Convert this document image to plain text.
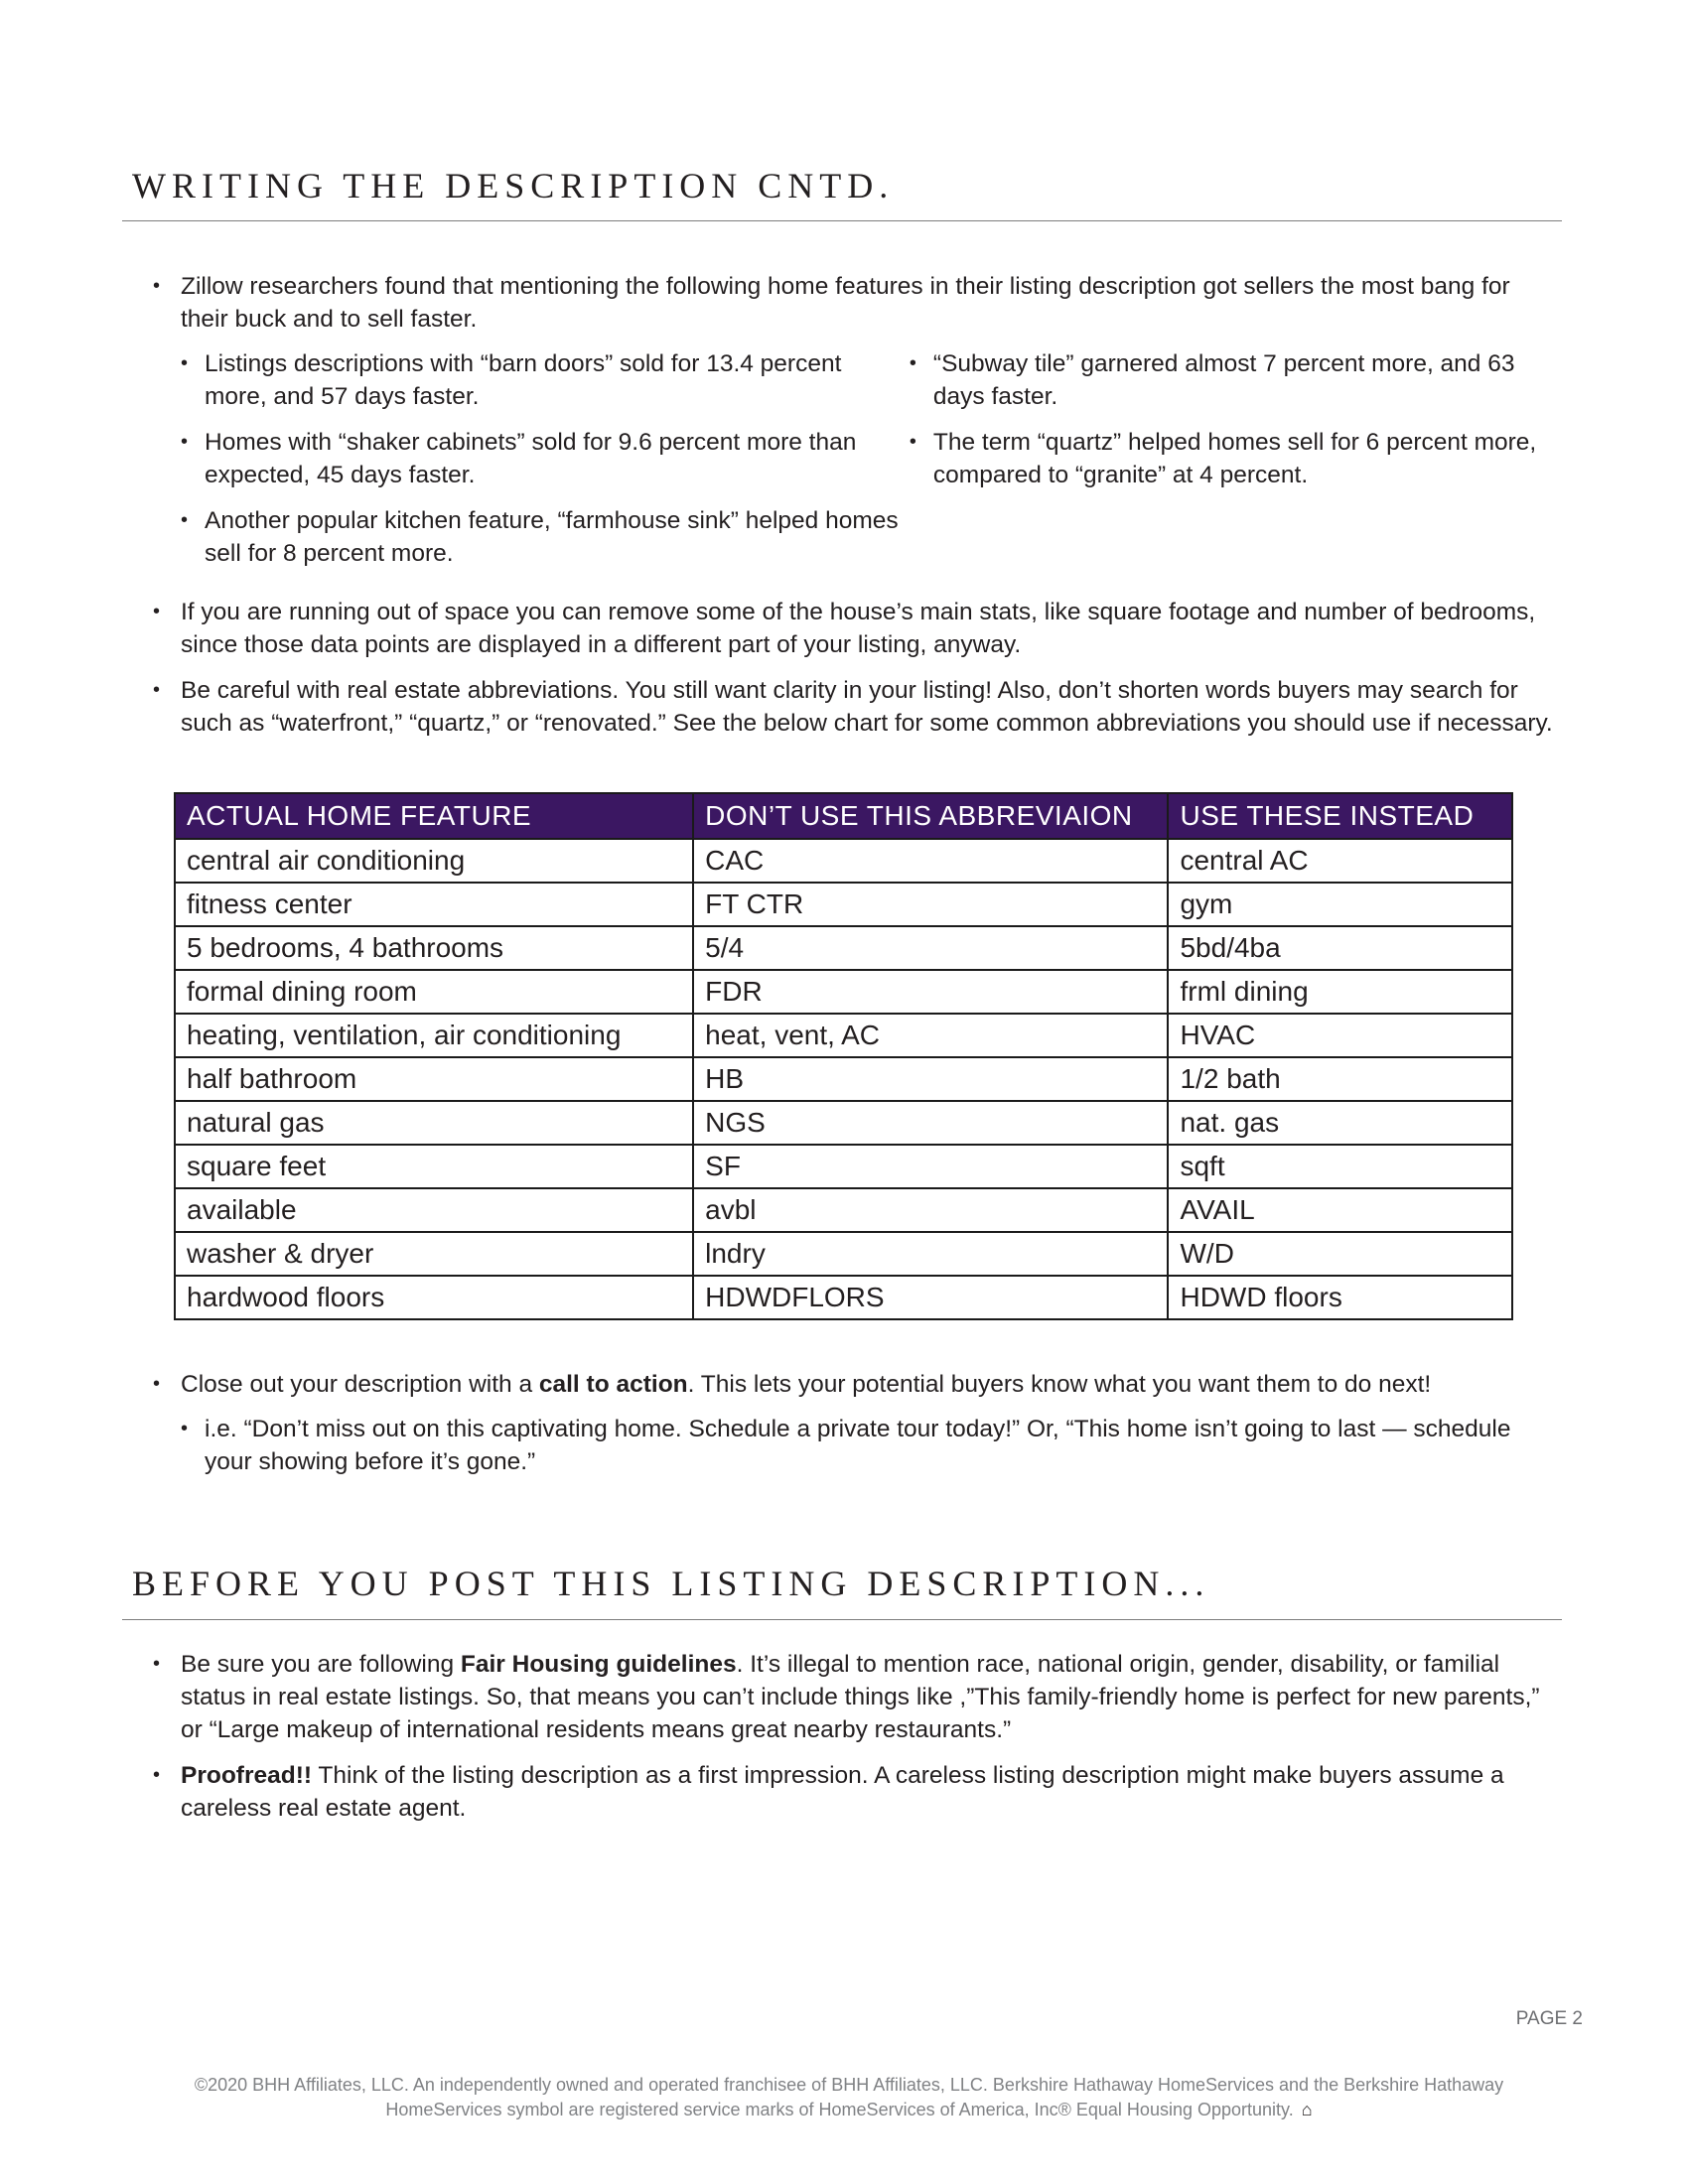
WRITING THE DESCRIPTION CNTD.
• Zillow researchers found that mentioning the following home features in their listing description got sellers the most bang for their buck and to sell faster.
• Listings descriptions with “barn doors” sold for 13.4 percent more, and 57 days faster.
• Homes with “shaker cabinets” sold for 9.6 percent more than expected, 45 days faster.
• Another popular kitchen feature, “farmhouse sink” helped homes sell for 8 percent more.
• “Subway tile” garnered almost 7 percent more, and 63 days faster.
• The term “quartz” helped homes sell for 6 percent more, compared to “granite” at 4 percent.
• If you are running out of space you can remove some of the house’s main stats, like square footage and number of bedrooms, since those data points are displayed in a different part of your listing, anyway.
• Be careful with real estate abbreviations. You still want clarity in your listing! Also, don’t shorten words buyers may search for such as “waterfront,” “quartz,” or “renovated.” See the below chart for some common abbreviations you should use if necessary.
ACTUAL HOME FEATURE	DON’T USE THIS ABBREVIAION	USE THESE INSTEAD
central air conditioning	CAC	central AC
fitness center	FT CTR	gym
5 bedrooms, 4 bathrooms	5/4	5bd/4ba
formal dining room	FDR	frml dining
heating, ventilation, air conditioning	heat, vent, AC	HVAC
half bathroom	HB	1/2 bath
natural gas	NGS	nat. gas
square feet	SF	sqft
available	avbl	AVAIL
washer & dryer	lndry	W/D
hardwood floors	HDWDFLORS	HDWD floors
• Close out your description with a call to action. This lets your potential buyers know what you want them to do next!
• i.e. “Don’t miss out on this captivating home. Schedule a private tour today!” Or, “This home isn’t going to last — schedule your showing before it’s gone.”
BEFORE YOU POST THIS LISTING DESCRIPTION...
• Be sure you are following Fair Housing guidelines. It’s illegal to mention race, national origin, gender, disability, or familial status in real estate listings. So, that means you can’t include things like ,”This family-friendly home is perfect for new parents,” or “Large makeup of international residents means great nearby restaurants.”
• Proofread!! Think of the listing description as a first impression. A careless listing description might make buyers assume a careless real estate agent.
PAGE 2
©2020 BHH Affiliates, LLC. An independently owned and operated franchisee of BHH Affiliates, LLC. Berkshire Hathaway HomeServices and the Berkshire Hathaway
HomeServices symbol are registered service marks of HomeServices of America, Inc® Equal Housing Opportunity. ⌂
